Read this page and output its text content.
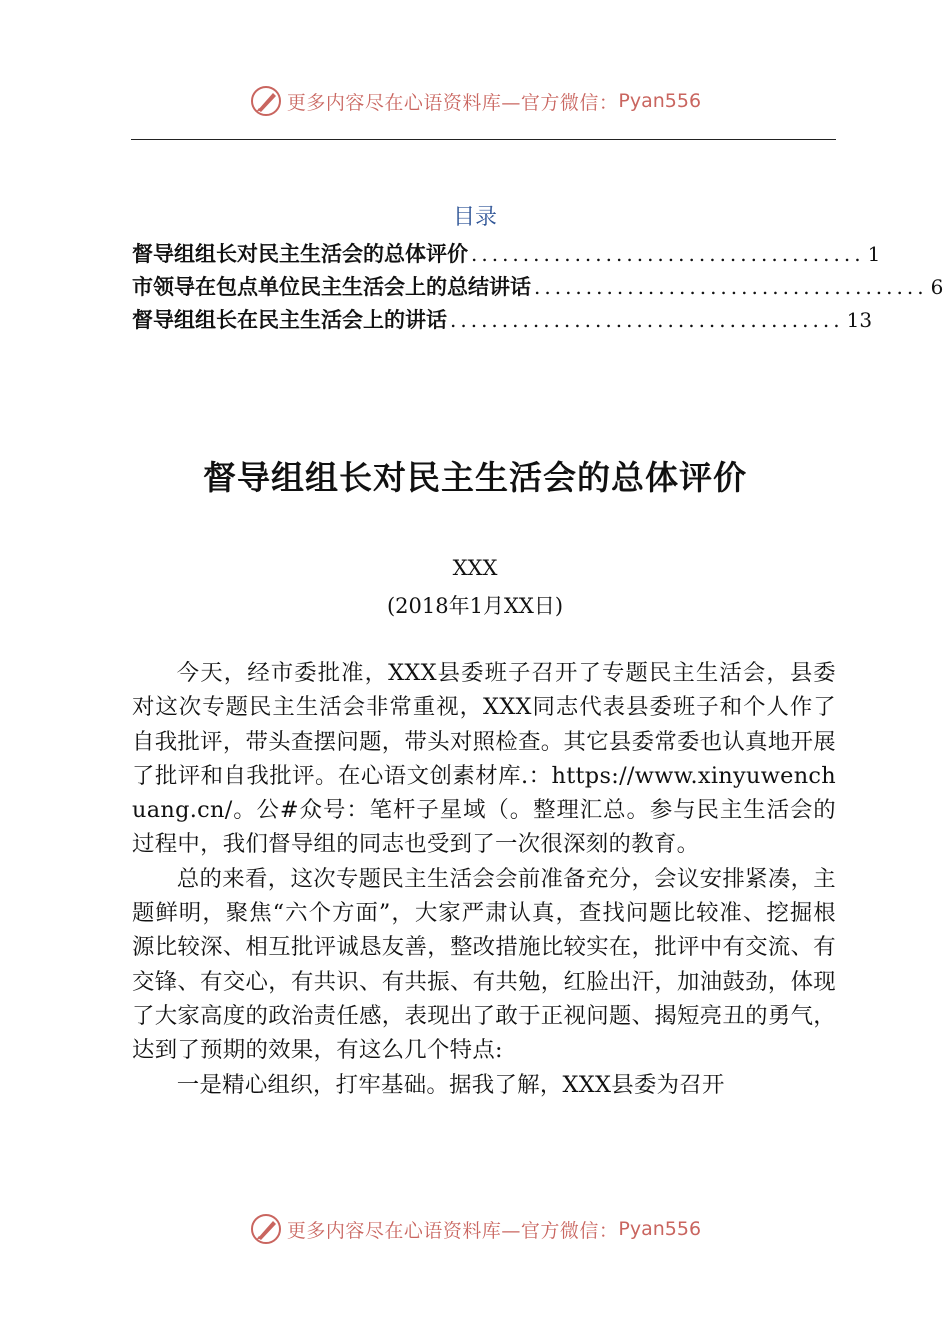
更多内容尽在心语资料库—官方微信： Pyan556
目录
督导组组长对民主生活会的总体评价 ...................................... 1
市领导在包点单位民主生活会上的总结讲话 ...................................... 6
督导组组长在民主生活会上的讲话 ...................................... 13
督导组组长对民主生活会的总体评价
XXX
(2018年1月XX日)

今天，经市委批准，XXX县委班子召开了专题民主生活会，县委对这次专题民主生活会非常重视，XXX同志代表县委班子和个人作了自我批评，带头查摆问题，带头对照检查。其它县委常委也认真地开展了批评和自我批评。在心语文创素材库.：https://www.xinyuwenchuang.cn/。公#众号：笔杆子星域（。整理汇总。参与民主生活会的过程中，我们督导组的同志也受到了一次很深刻的教育。

总的来看，这次专题民主生活会会前准备充分，会议安排紧凑，主题鲜明，聚焦“六个方面”，大家严肃认真，查找问题比较准、挖掘根源比较深、相互批评诚恳友善，整改措施比较实在，批评中有交流、有交锋、有交心，有共识、有共振、有共勉，红脸出汗，加油鼓劲，体现了大家高度的政治责任感，表现出了敢于正视问题、揭短亮丑的勇气，达到了预期的效果，有这么几个特点:

一是精心组织，打牢基础。据我了解，XXX县委为召开

更多内容尽在心语资料库—官方微信： Pyan556
